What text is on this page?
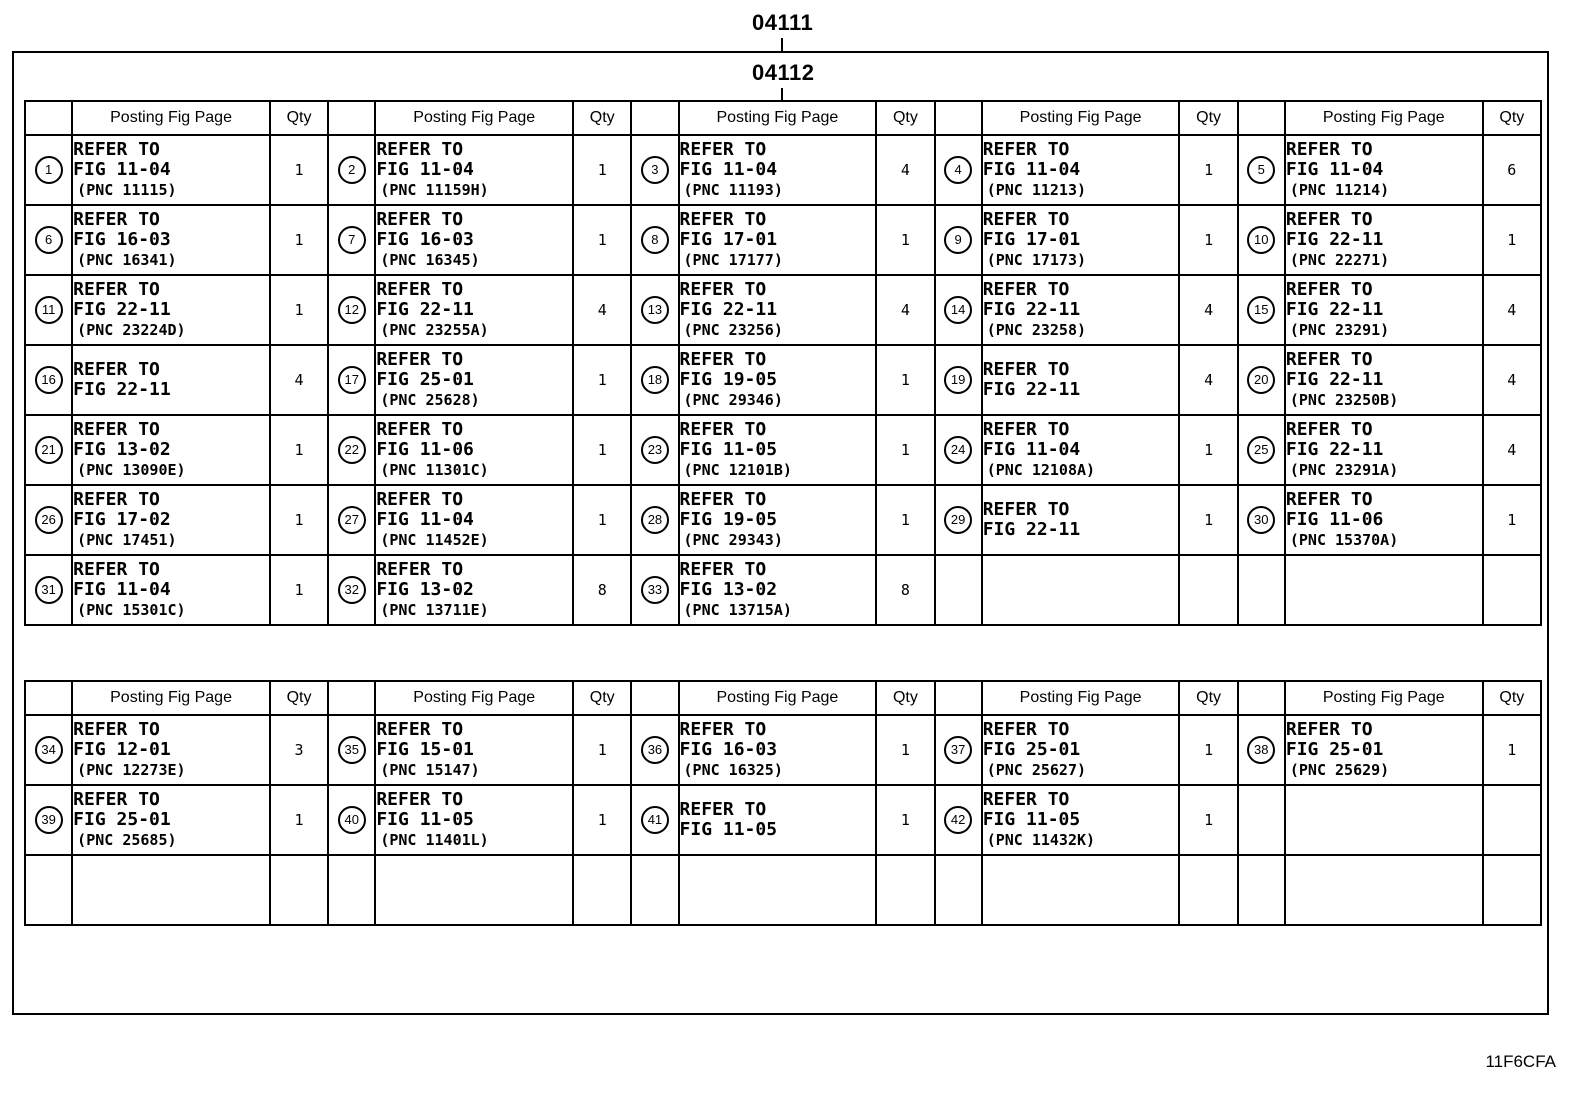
04111
04112
	Posting Fig Page	Qty		Posting Fig Page	Qty		Posting Fig Page	Qty		Posting Fig Page	Qty		Posting Fig Page	Qty
1	REFER TO
FIG 11-04
(PNC 11115)	1	2	REFER TO
FIG 11-04
(PNC 11159H)	1	3	REFER TO
FIG 11-04
(PNC 11193)	4	4	REFER TO
FIG 11-04
(PNC 11213)	1	5	REFER TO
FIG 11-04
(PNC 11214)	6
6	REFER TO
FIG 16-03
(PNC 16341)	1	7	REFER TO
FIG 16-03
(PNC 16345)	1	8	REFER TO
FIG 17-01
(PNC 17177)	1	9	REFER TO
FIG 17-01
(PNC 17173)	1	10	REFER TO
FIG 22-11
(PNC 22271)	1
11	REFER TO
FIG 22-11
(PNC 23224D)	1	12	REFER TO
FIG 22-11
(PNC 23255A)	4	13	REFER TO
FIG 22-11
(PNC 23256)	4	14	REFER TO
FIG 22-11
(PNC 23258)	4	15	REFER TO
FIG 22-11
(PNC 23291)	4
16	REFER TO
FIG 22-11	4	17	REFER TO
FIG 25-01
(PNC 25628)	1	18	REFER TO
FIG 19-05
(PNC 29346)	1	19	REFER TO
FIG 22-11	4	20	REFER TO
FIG 22-11
(PNC 23250B)	4
21	REFER TO
FIG 13-02
(PNC 13090E)	1	22	REFER TO
FIG 11-06
(PNC 11301C)	1	23	REFER TO
FIG 11-05
(PNC 12101B)	1	24	REFER TO
FIG 11-04
(PNC 12108A)	1	25	REFER TO
FIG 22-11
(PNC 23291A)	4
26	REFER TO
FIG 17-02
(PNC 17451)	1	27	REFER TO
FIG 11-04
(PNC 11452E)	1	28	REFER TO
FIG 19-05
(PNC 29343)	1	29	REFER TO
FIG 22-11	1	30	REFER TO
FIG 11-06
(PNC 15370A)	1
31	REFER TO
FIG 11-04
(PNC 15301C)	1	32	REFER TO
FIG 13-02
(PNC 13711E)	8	33	REFER TO
FIG 13-02
(PNC 13715A)	8		

	Posting Fig Page	Qty		Posting Fig Page	Qty		Posting Fig Page	Qty		Posting Fig Page	Qty		Posting Fig Page	Qty
34	REFER TO
FIG 12-01
(PNC 12273E)	3	35	REFER TO
FIG 15-01
(PNC 15147)	1	36	REFER TO
FIG 16-03
(PNC 16325)	1	37	REFER TO
FIG 25-01
(PNC 25627)	1	38	REFER TO
FIG 25-01
(PNC 25629)	1
39	REFER TO
FIG 25-01
(PNC 25685)	1	40	REFER TO
FIG 11-05
(PNC 11401L)	1	41	REFER TO
FIG 11-05	1	42	REFER TO
FIG 11-05
(PNC 11432K)	1		

11F6CFA
